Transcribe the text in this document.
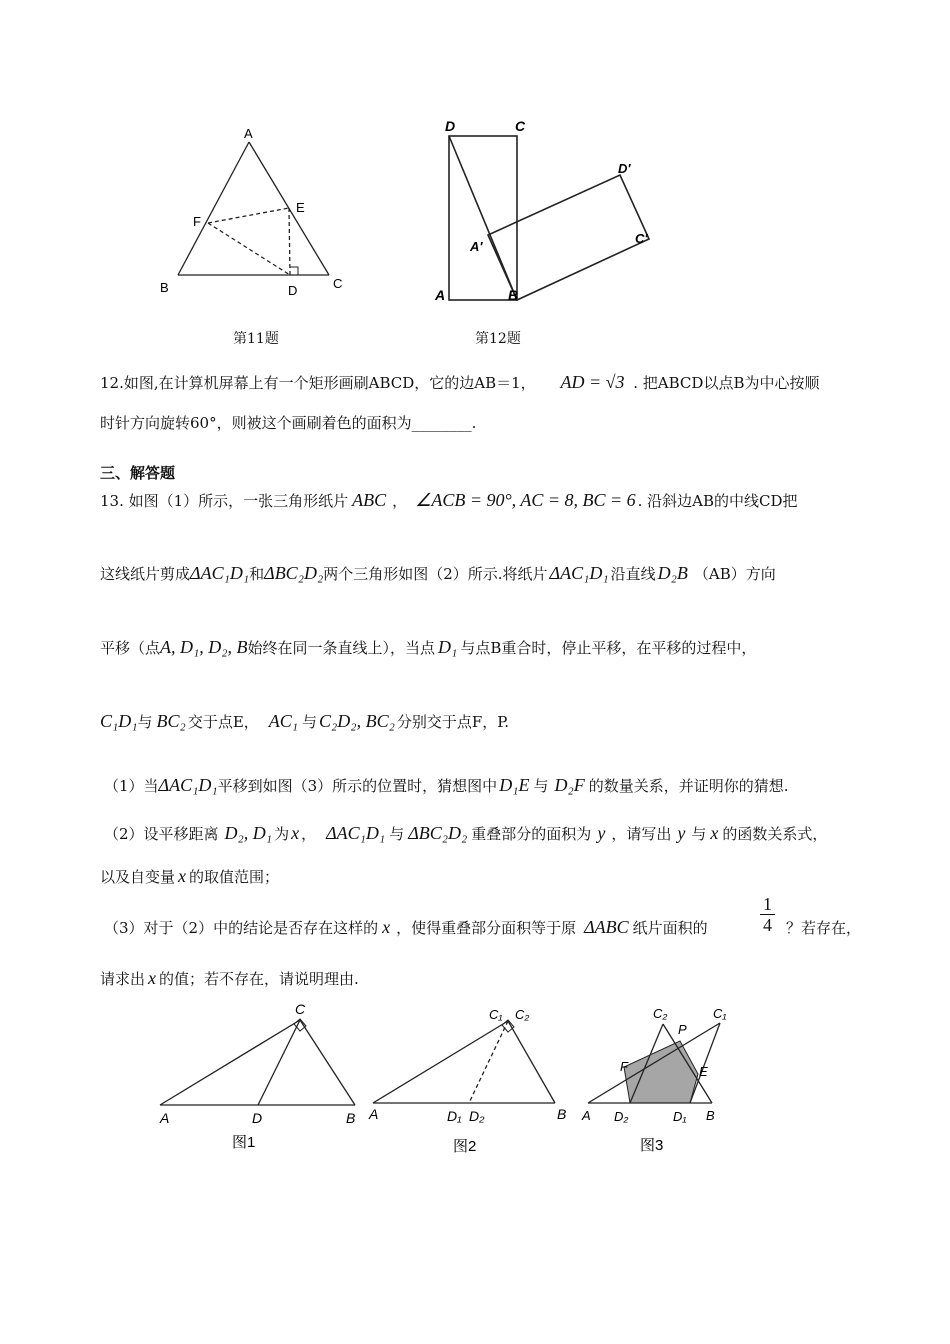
A
B	C
D
E
F
第11题
D	C
A	B
A′
C′
D′
第12题
12.如图,在计算机屏幕上有一个矩形画刷ABCD，它的边AB＝1， AD = √3 . 把ABCD以点B为中心按顺
时针方向旋转60°，则被这个画刷着色的面积为________.
三、解答题
13. 如图（1）所示，一张三角形纸片 ABC ， ∠ACB = 90°, AC = 8, BC = 6 . 沿斜边AB的中线CD把
这线纸片剪成ΔAC₁D₁和ΔBC₂D₂两个三角形如图（2）所示.将纸片 ΔAC₁D₁ 沿直线 D₂B （AB）方向
平移（点A, D₁, D₂, B始终在同一条直线上），当点 D₁ 与点B重合时，停止平移，在平移的过程中，
C₁D₁与 BC₂ 交于点E， AC₁ 与 C₂D₂, BC₂ 分别交于点F，P.
（1）当ΔAC₁D₁平移到如图（3）所示的位置时，猜想图中 D₁E 与 D₂F 的数量关系，并证明你的猜想.
（2）设平移距离 D₂, D₁ 为 x ， ΔAC₁D₁ 与 ΔBC₂D₂ 重叠部分的面积为 y ，请写出 y 与 x 的函数关系式，
以及自变量 x 的取值范围；
（3）对于（2）中的结论是否存在这样的 x ，使得重叠部分面积等于原 ΔABC 纸片面积的	$\frac{1}{4}$ ？若存在，
请求出 x 的值；若不存在，请说明理由.
C
A	D	B
图1
C₁ C₂
A	D₁ D₂	B
图2
C₂	C₁
P
F	E
A D₂	D₁ B
图3
